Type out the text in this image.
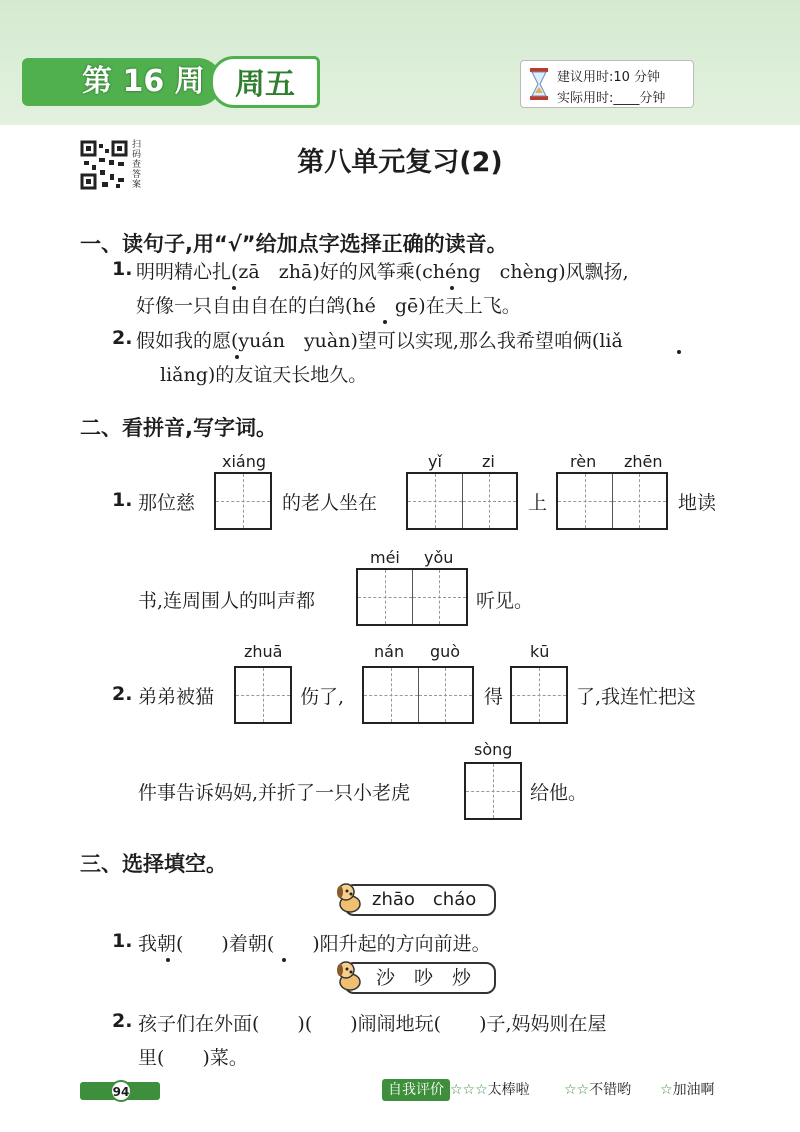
第 16 周	周五	建议用时:10 分钟
实际用时:____分钟
扫码查答案
第八单元复习(2)
一、读句子,用“√”给加点字选择正确的读音。
1. 明明精心扎(zā　zhā)好的风筝乘(chéng　chèng)风飘扬,
好像一只自由自在的白鸽(hé　gē)在天上飞。
2. 假如我的愿(yuán　yuàn)望可以实现,那么我希望咱俩(liǎ
liǎng)的友谊天长地久。
二、看拼音,写字词。
xiáng	yǐ	zi	rèn zhēn
1. 那位慈	的老人坐在	上	地读
méi yǒu
书,连周围人的叫声都	听见。
zhuā	nán guò	kū
2. 弟弟被猫	伤了,	得	了,我连忙把这
sòng
件事告诉妈妈,并折了一只小老虎	给他。
三、选择填空。
zhāo　cháo
1. 我朝(　　)着朝(　　)阳升起的方向前进。
沙　吵　炒
2. 孩子们在外面(　　)(　　)闹闹地玩(　　)子,妈妈则在屋
里(　　)菜。
94	自我评价 ☆☆☆太棒啦 ☆☆不错哟 ☆加油啊
